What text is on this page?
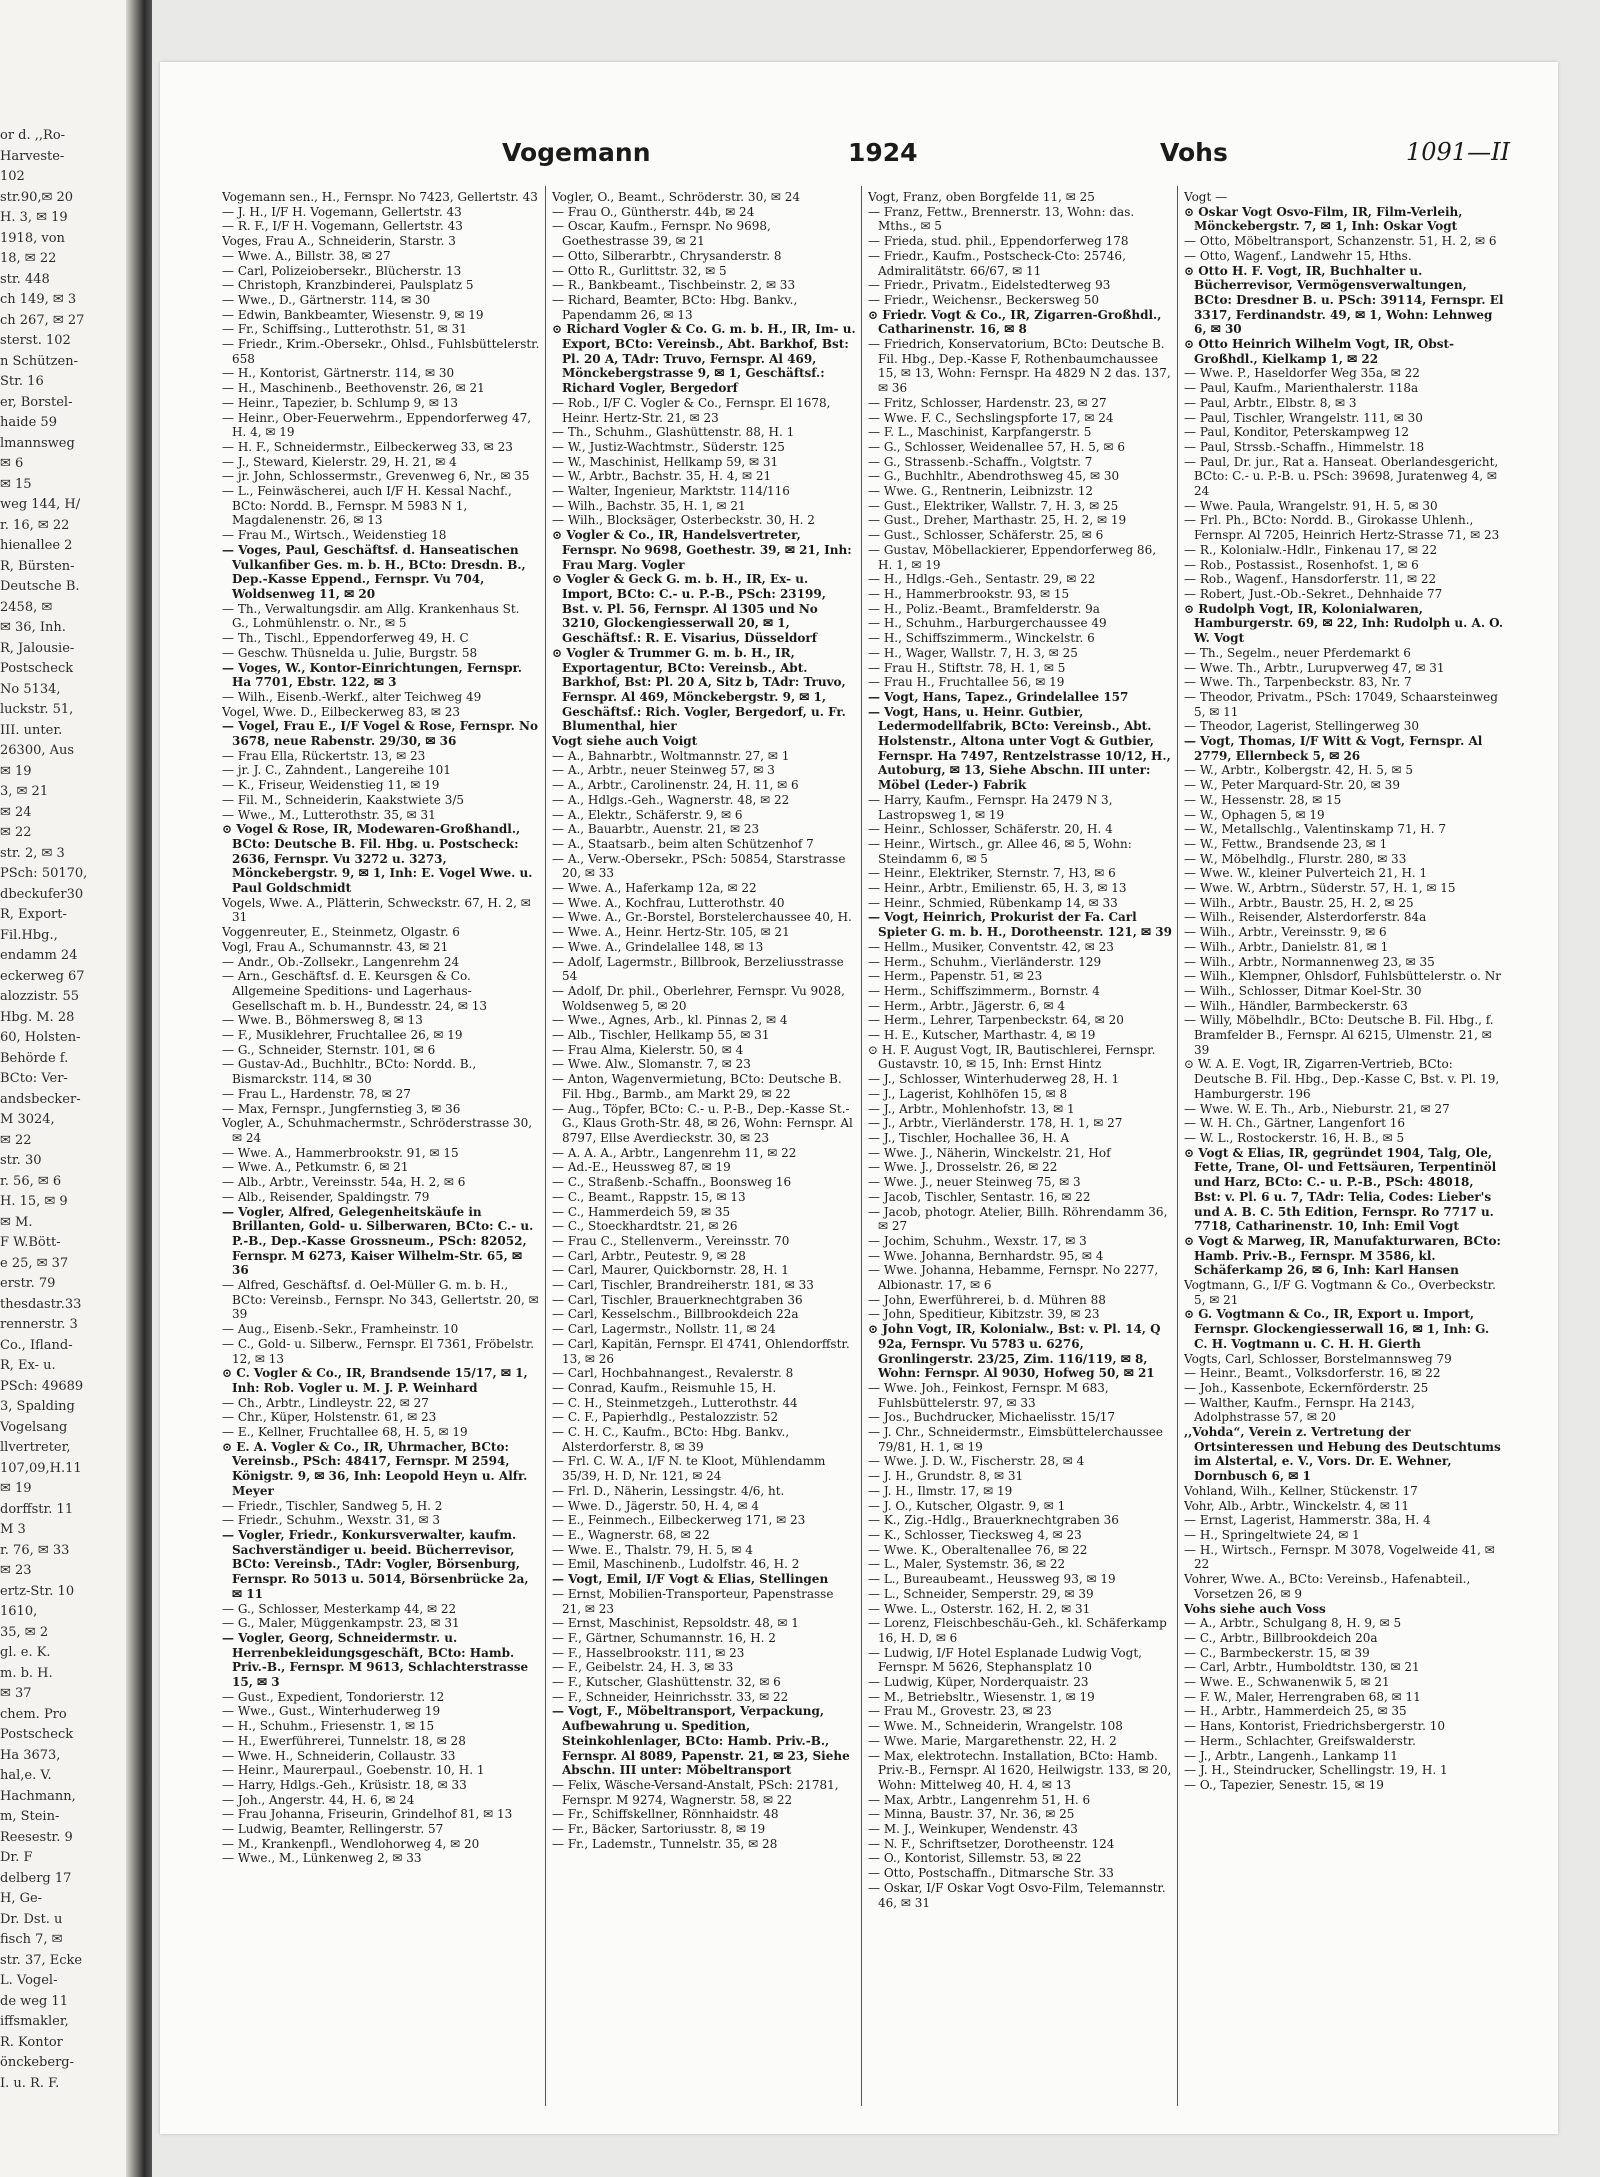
or d. ,,Ro-
Harveste-
102
str.90,✉ 20
H. 3, ✉ 19
1918, von
18, ✉ 22
str. 448
ch 149, ✉ 3
ch 267, ✉ 27
sterst. 102
n Schützen-
Str. 16
er, Borstel-
haide 59
lmannsweg
✉ 6
✉ 15
weg 144, H/
r. 16, ✉ 22
hienallee 2
R, Bürsten-
Deutsche B.
2458, ✉
✉ 36, Inh.
R, Jalousie-
Postscheck
No 5134,
luckstr. 51,
III. unter.
26300, Aus
✉ 19
3, ✉ 21
✉ 24
✉ 22
str. 2, ✉ 3
PSch: 50170,
dbeckufer30
R, Export-
Fil.Hbg.,
endamm 24
eckerweg 67
alozzistr. 55
Hbg. M. 28
60, Holsten-
Behörde f.
BCto: Ver-
andsbecker-
M 3024,
✉ 22
str. 30
r. 56, ✉ 6
H. 15, ✉ 9
✉ M.
F W.Bött-
e 25, ✉ 37
erstr. 79
thesdastr.33
rennerstr. 3
Co., Ifland-
R, Ex- u.
PSch: 49689
3, Spalding
Vogelsang
llvertreter,
107,09,H.11
✉ 19
dorffstr. 11
M 3
r. 76, ✉ 33
✉ 23
ertz-Str. 10
1610,
35, ✉ 2
gl. e. K.
m. b. H.
✉ 37
chem. Pro
Postscheck
Ha 3673,
hal,e. V.
Hachmann,
m, Stein-
Reesestr. 9
Dr. F
delberg 17
H, Ge-
Dr. Dst. u
fisch 7, ✉
str. 37, Ecke
L. Vogel-
de weg 11
iffsmakler,
R. Kontor
önckeberg-
I. u. R. F.
Vogemann	1924	Vohs	1091—II
Vogemann sen., H., Fernspr. No 7423, Gellertstr. 43
— J. H., I/F H. Vogemann, Gellertstr. 43
— R. F., I/F H. Vogemann, Gellertstr. 43
Voges, Frau A., Schneiderin, Starstr. 3
— Wwe. A., Billstr. 38, ✉ 27
— Carl, Polizeiobersekr., Blücherstr. 13
— Christoph, Kranzbinderei, Paulsplatz 5
— Wwe., D., Gärtnerstr. 114, ✉ 30
— Edwin, Bankbeamter, Wiesenstr. 9, ✉ 19
— Fr., Schiffsing., Lutterothstr. 51, ✉ 31
— Friedr., Krim.-Obersekr., Ohlsd., Fuhlsbüttelerstr. 658
— H., Kontorist, Gärtnerstr. 114, ✉ 30
— H., Maschinenb., Beethovenstr. 26, ✉ 21
— Heinr., Tapezier, b. Schlump 9, ✉ 13
— Heinr., Ober-Feuerwehrm., Eppendorferweg 47, H. 4, ✉ 19
— H. F., Schneidermstr., Eilbeckerweg 33, ✉ 23
— J., Steward, Kielerstr. 29, H. 21, ✉ 4
— jr. John, Schlossermstr., Grevenweg 6, Nr., ✉ 35
— L., Feinwäscherei, auch I/F H. Kessal Nachf., BCto: Nordd. B., Fernspr. M 5983 N 1, Magdalenenstr. 26, ✉ 13
— Frau M., Wirtsch., Weidenstieg 18
— Voges, Paul, Geschäftsf. d. Hanseatischen Vulkanfiber Ges. m. b. H., BCto: Dresdn. B., Dep.-Kasse Eppend., Fernspr. Vu 704, Woldsenweg 11, ✉ 20
— Th., Verwaltungsdir. am Allg. Krankenhaus St. G., Lohmühlenstr. o. Nr., ✉ 5
— Th., Tischl., Eppendorferweg 49, H. C
— Geschw. Thüsnelda u. Julie, Burgstr. 58
— Voges, W., Kontor-Einrichtungen, Fernspr. Ha 7701, Ebstr. 122, ✉ 3
— Wilh., Eisenb.-Werkf., alter Teichweg 49
Vogel, Wwe. D., Eilbeckerweg 83, ✉ 23
— Vogel, Frau E., I/F Vogel & Rose, Fernspr. No 3678, neue Rabenstr. 29/30, ✉ 36
— Frau Ella, Rückertstr. 13, ✉ 23
— jr. J. C., Zahndent., Langereihe 101
— K., Friseur, Weidenstieg 11, ✉ 19
— Fil. M., Schneiderin, Kaakstwiete 3/5
— Wwe., M., Lutterothstr. 35, ✉ 31
⊙ Vogel & Rose, IR, Modewaren-Großhandl., BCto: Deutsche B. Fil. Hbg. u. Postscheck: 2636, Fernspr. Vu 3272 u. 3273, Mönckebergstr. 9, ✉ 1, Inh: E. Vogel Wwe. u. Paul Goldschmidt
Vogels, Wwe. A., Plätterin, Schweckstr. 67, H. 2, ✉ 31
Voggenreuter, E., Steinmetz, Olgastr. 6
Vogl, Frau A., Schumannstr. 43, ✉ 21
— Andr., Ob.-Zollsekr., Langenrehm 24
— Arn., Geschäftsf. d. E. Keursgen & Co. Allgemeine Speditions- und Lagerhaus-Gesellschaft m. b. H., Bundesstr. 24, ✉ 13
— Wwe. B., Böhmersweg 8, ✉ 13
— F., Musiklehrer, Fruchtallee 26, ✉ 19
— G., Schneider, Sternstr. 101, ✉ 6
— Gustav-Ad., Buchhltr., BCto: Nordd. B., Bismarckstr. 114, ✉ 30
— Frau L., Hardenstr. 78, ✉ 27
— Max, Fernspr., Jungfernstieg 3, ✉ 36
Vogler, A., Schuhmachermstr., Schröderstrasse 30, ✉ 24
— Wwe. A., Hammerbrookstr. 91, ✉ 15
— Wwe. A., Petkumstr. 6, ✉ 21
— Alb., Arbtr., Vereinsstr. 54a, H. 2, ✉ 6
— Alb., Reisender, Spaldingstr. 79
— Vogler, Alfred, Gelegenheitskäufe in Brillanten, Gold- u. Silberwaren, BCto: C.- u. P.-B., Dep.-Kasse Grossneum., PSch: 82052, Fernspr. M 6273, Kaiser Wilhelm-Str. 65, ✉ 36
— Alfred, Geschäftsf. d. Oel-Müller G. m. b. H., BCto: Vereinsb., Fernspr. No 343, Gellertstr. 20, ✉ 39
— Aug., Eisenb.-Sekr., Framheinstr. 10
— C., Gold- u. Silberw., Fernspr. El 7361, Fröbelstr. 12, ✉ 13
⊙ C. Vogler & Co., IR, Brandsende 15/17, ✉ 1, Inh: Rob. Vogler u. M. J. P. Weinhard
— Ch., Arbtr., Lindleystr. 22, ✉ 27
— Chr., Küper, Holstenstr. 61, ✉ 23
— E., Kellner, Fruchtallee 68, H. 5, ✉ 19
⊙ E. A. Vogler & Co., IR, Uhrmacher, BCto: Vereinsb., PSch: 48417, Fernspr. M 2594, Königstr. 9, ✉ 36, Inh: Leopold Heyn u. Alfr. Meyer
— Friedr., Tischler, Sandweg 5, H. 2
— Friedr., Schuhm., Wexstr. 31, ✉ 3
— Vogler, Friedr., Konkursverwalter, kaufm. Sachverständiger u. beeid. Bücherrevisor, BCto: Vereinsb., TAdr: Vogler, Börsenburg, Fernspr. Ro 5013 u. 5014, Börsenbrücke 2a, ✉ 11
— G., Schlosser, Mesterkamp 44, ✉ 22
— G., Maler, Müggenkampstr. 23, ✉ 31
— Vogler, Georg, Schneidermstr. u. Herrenbekleidungsgeschäft, BCto: Hamb. Priv.-B., Fernspr. M 9613, Schlachterstrasse 15, ✉ 3
— Gust., Expedient, Tondorierstr. 12
— Wwe., Gust., Winterhuderweg 19
— H., Schuhm., Friesenstr. 1, ✉ 15
— H., Ewerführerei, Tunnelstr. 18, ✉ 28
— Wwe. H., Schneiderin, Collaustr. 33
— Heinr., Maurerpaul., Goebenstr. 10, H. 1
— Harry, Hdlgs.-Geh., Krüsistr. 18, ✉ 33
— Joh., Angerstr. 44, H. 6, ✉ 24
— Frau Johanna, Friseurin, Grindelhof 81, ✉ 13
— Ludwig, Beamter, Rellingerstr. 57
— M., Krankenpfl., Wendlohorweg 4, ✉ 20
— Wwe., M., Lünkenweg 2, ✉ 33
Vogler, O., Beamt., Schröderstr. 30, ✉ 24
— Frau O., Güntherstr. 44b, ✉ 24
— Oscar, Kaufm., Fernspr. No 9698, Goethestrasse 39, ✉ 21
— Otto, Silberarbtr., Chrysanderstr. 8
— Otto R., Gurlittstr. 32, ✉ 5
— R., Bankbeamt., Tischbeinstr. 2, ✉ 33
— Richard, Beamter, BCto: Hbg. Bankv., Papendamm 26, ✉ 13
⊙ Richard Vogler & Co. G. m. b. H., IR, Im- u. Export, BCto: Vereinsb., Abt. Barkhof, Bst: Pl. 20 A, TAdr: Truvo, Fernspr. Al 469, Mönckebergstrasse 9, ✉ 1, Geschäftsf.: Richard Vogler, Bergedorf
— Rob., I/F C. Vogler & Co., Fernspr. El 1678, Heinr. Hertz-Str. 21, ✉ 23
— Th., Schuhm., Glashüttenstr. 88, H. 1
— W., Justiz-Wachtmstr., Süderstr. 125
— W., Maschinist, Hellkamp 59, ✉ 31
— W., Arbtr., Bachstr. 35, H. 4, ✉ 21
— Walter, Ingenieur, Marktstr. 114/116
— Wilh., Bachstr. 35, H. 1, ✉ 21
— Wilh., Blocksäger, Osterbeckstr. 30, H. 2
⊙ Vogler & Co., IR, Handelsvertreter, Fernspr. No 9698, Goethestr. 39, ✉ 21, Inh: Frau Marg. Vogler
⊙ Vogler & Geck G. m. b. H., IR, Ex- u. Import, BCto: C.- u. P.-B., PSch: 23199, Bst. v. Pl. 56, Fernspr. Al 1305 und No 3210, Glockengiesserwall 20, ✉ 1, Geschäftsf.: R. E. Visarius, Düsseldorf
⊙ Vogler & Trummer G. m. b. H., IR, Exportagentur, BCto: Vereinsb., Abt. Barkhof, Bst: Pl. 20 A, Sitz b, TAdr: Truvo, Fernspr. Al 469, Mönckebergstr. 9, ✉ 1, Geschäftsf.: Rich. Vogler, Bergedorf, u. Fr. Blumenthal, hier
Vogt siehe auch Voigt
— A., Bahnarbtr., Woltmannstr. 27, ✉ 1
— A., Arbtr., neuer Steinweg 57, ✉ 3
— A., Arbtr., Carolinenstr. 24, H. 11, ✉ 6
— A., Hdlgs.-Geh., Wagnerstr. 48, ✉ 22
— A., Elektr., Schäferstr. 9, ✉ 6
— A., Bauarbtr., Auenstr. 21, ✉ 23
— A., Staatsarb., beim alten Schützenhof 7
— A., Verw.-Obersekr., PSch: 50854, Starstrasse 20, ✉ 33
— Wwe. A., Haferkamp 12a, ✉ 22
— Wwe. A., Kochfrau, Lutterothstr. 40
— Wwe. A., Gr.-Borstel, Borstelerchaussee 40, H.
— Wwe. A., Heinr. Hertz-Str. 105, ✉ 21
— Wwe. A., Grindelallee 148, ✉ 13
— Adolf, Lagermstr., Billbrook, Berzeliusstrasse 54
— Adolf, Dr. phil., Oberlehrer, Fernspr. Vu 9028, Woldsenweg 5, ✉ 20
— Wwe., Agnes, Arb., kl. Pinnas 2, ✉ 4
— Alb., Tischler, Hellkamp 55, ✉ 31
— Frau Alma, Kielerstr. 50, ✉ 4
— Wwe. Alw., Slomanstr. 7, ✉ 23
— Anton, Wagenvermietung, BCto: Deutsche B. Fil. Hbg., Barmb., am Markt 29, ✉ 22
— Aug., Töpfer, BCto: C.- u. P.-B., Dep.-Kasse St.-G., Klaus Groth-Str. 48, ✉ 26, Wohn: Fernspr. Al 8797, Ellse Averdieckstr. 30, ✉ 23
— A. A. A., Arbtr., Langenrehm 11, ✉ 22
— Ad.-E., Heussweg 87, ✉ 19
— C., Straßenb.-Schaffn., Boonsweg 16
— C., Beamt., Rappstr. 15, ✉ 13
— C., Hammerdeich 59, ✉ 35
— C., Stoeckhardtstr. 21, ✉ 26
— Frau C., Stellenverm., Vereinsstr. 70
— Carl, Arbtr., Peutestr. 9, ✉ 28
— Carl, Maurer, Quickbornstr. 28, H. 1
— Carl, Tischler, Brandreiherstr. 181, ✉ 33
— Carl, Tischler, Brauerknechtgraben 36
— Carl, Kesselschm., Billbrookdeich 22a
— Carl, Lagermstr., Nollstr. 11, ✉ 24
— Carl, Kapitän, Fernspr. El 4741, Ohlendorffstr. 13, ✉ 26
— Carl, Hochbahnangest., Revalerstr. 8
— Conrad, Kaufm., Reismuhle 15, H.
— C. H., Steinmetzgeh., Lutterothstr. 44
— C. F., Papierhdlg., Pestalozzistr. 52
— C. H. C., Kaufm., BCto: Hbg. Bankv., Alsterdorferstr. 8, ✉ 39
— Frl. C. W. A., I/F N. te Kloot, Mühlendamm 35/39, H. D, Nr. 121, ✉ 24
— Frl. D., Näherin, Lessingstr. 4/6, ht.
— Wwe. D., Jägerstr. 50, H. 4, ✉ 4
— E., Feinmech., Eilbeckerweg 171, ✉ 23
— E., Wagnerstr. 68, ✉ 22
— Wwe. E., Thalstr. 79, H. 5, ✉ 4
— Emil, Maschinenb., Ludolfstr. 46, H. 2
— Vogt, Emil, I/F Vogt & Elias, Stellingen
— Ernst, Mobilien-Transporteur, Papenstrasse 21, ✉ 23
— Ernst, Maschinist, Repsoldstr. 48, ✉ 1
— F., Gärtner, Schumannstr. 16, H. 2
— F., Hasselbrookstr. 111, ✉ 23
— F., Geibelstr. 24, H. 3, ✉ 33
— F., Kutscher, Glashüttenstr. 32, ✉ 6
— F., Schneider, Heinrichsstr. 33, ✉ 22
— Vogt, F., Möbeltransport, Verpackung, Aufbewahrung u. Spedition, Steinkohlenlager, BCto: Hamb. Priv.-B., Fernspr. Al 8089, Papenstr. 21, ✉ 23, Siehe Abschn. III unter: Möbeltransport
— Felix, Wäsche-Versand-Anstalt, PSch: 21781, Fernspr. M 9274, Wagnerstr. 58, ✉ 22
— Fr., Schiffskellner, Rönnhaidstr. 48
— Fr., Bäcker, Sartoriusstr. 8, ✉ 19
— Fr., Lademstr., Tunnelstr. 35, ✉ 28
Vogt, Franz, oben Borgfelde 11, ✉ 25
— Franz, Fettw., Brennerstr. 13, Wohn: das. Mths., ✉ 5
— Frieda, stud. phil., Eppendorferweg 178
— Friedr., Kaufm., Postscheck-Cto: 25746, Admiralitätstr. 66/67, ✉ 11
— Friedr., Privatm., Eidelstedterweg 93
— Friedr., Weichensr., Beckersweg 50
⊙ Friedr. Vogt & Co., IR, Zigarren-Großhdl., Catharinenstr. 16, ✉ 8
— Friedrich, Konservatorium, BCto: Deutsche B. Fil. Hbg., Dep.-Kasse F, Rothenbaumchaussee 15, ✉ 13, Wohn: Fernspr. Ha 4829 N 2 das. 137, ✉ 36
— Fritz, Schlosser, Hardenstr. 23, ✉ 27
— Wwe. F. C., Sechslingspforte 17, ✉ 24
— F. L., Maschinist, Karpfangerstr. 5
— G., Schlosser, Weidenallee 57, H. 5, ✉ 6
— G., Strassenb.-Schaffn., Volgtstr. 7
— G., Buchhltr., Abendrothsweg 45, ✉ 30
— Wwe. G., Rentnerin, Leibnizstr. 12
— Gust., Elektriker, Wallstr. 7, H. 3, ✉ 25
— Gust., Dreher, Marthastr. 25, H. 2, ✉ 19
— Gust., Schlosser, Schäferstr. 25, ✉ 6
— Gustav, Möbellackierer, Eppendorferweg 86, H. 1, ✉ 19
— H., Hdlgs.-Geh., Sentastr. 29, ✉ 22
— H., Hammerbrookstr. 93, ✉ 15
— H., Poliz.-Beamt., Bramfelderstr. 9a
— H., Schuhm., Harburgerchaussee 49
— H., Schiffszimmerm., Winckelstr. 6
— H., Wager, Wallstr. 7, H. 3, ✉ 25
— Frau H., Stiftstr. 78, H. 1, ✉ 5
— Frau H., Fruchtallee 56, ✉ 19
— Vogt, Hans, Tapez., Grindelallee 157
— Vogt, Hans, u. Heinr. Gutbier, Ledermodellfabrik, BCto: Vereinsb., Abt. Holstenstr., Altona unter Vogt & Gutbier, Fernspr. Ha 7497, Rentzelstrasse 10/12, H., Autoburg, ✉ 13, Siehe Abschn. III unter: Möbel (Leder-) Fabrik
— Harry, Kaufm., Fernspr. Ha 2479 N 3, Lastropsweg 1, ✉ 19
— Heinr., Schlosser, Schäferstr. 20, H. 4
— Heinr., Wirtsch., gr. Allee 46, ✉ 5, Wohn: Steindamm 6, ✉ 5
— Heinr., Elektriker, Sternstr. 7, H3, ✉ 6
— Heinr., Arbtr., Emilienstr. 65, H. 3, ✉ 13
— Heinr., Schmied, Rübenkamp 14, ✉ 33
— Vogt, Heinrich, Prokurist der Fa. Carl Spieter G. m. b. H., Dorotheenstr. 121, ✉ 39
— Hellm., Musiker, Conventstr. 42, ✉ 23
— Herm., Schuhm., Vierländerstr. 129
— Herm., Papenstr. 51, ✉ 23
— Herm., Schiffszimmerm., Bornstr. 4
— Herm., Arbtr., Jägerstr. 6, ✉ 4
— Herm., Lehrer, Tarpenbeckstr. 64, ✉ 20
— H. E., Kutscher, Marthastr. 4, ✉ 19
⊙ H. F. August Vogt, IR, Bautischlerei, Fernspr. Gustavstr. 10, ✉ 15, Inh: Ernst Hintz
— J., Schlosser, Winterhuderweg 28, H. 1
— J., Lagerist, Kohlhöfen 15, ✉ 8
— J., Arbtr., Mohlenhofstr. 13, ✉ 1
— J., Arbtr., Vierländerstr. 178, H. 1, ✉ 27
— J., Tischler, Hochallee 36, H. A
— Wwe. J., Näherin, Winckelstr. 21, Hof
— Wwe. J., Drosselstr. 26, ✉ 22
— Wwe. J., neuer Steinweg 75, ✉ 3
— Jacob, Tischler, Sentastr. 16, ✉ 22
— Jacob, photogr. Atelier, Billh. Röhrendamm 36, ✉ 27
— Jochim, Schuhm., Wexstr. 17, ✉ 3
— Wwe. Johanna, Bernhardstr. 95, ✉ 4
— Wwe. Johanna, Hebamme, Fernspr. No 2277, Albionastr. 17, ✉ 6
— John, Ewerführerei, b. d. Mühren 88
— John, Speditieur, Kibitzstr. 39, ✉ 23
⊙ John Vogt, IR, Kolonialw., Bst: v. Pl. 14, Q 92a, Fernspr. Vu 5783 u. 6276, Gronlingerstr. 23/25, Zim. 116/119, ✉ 8, Wohn: Fernspr. Al 9030, Hofweg 50, ✉ 21
— Wwe. Joh., Feinkost, Fernspr. M 683, Fuhlsbüttelerstr. 97, ✉ 33
— Jos., Buchdrucker, Michaelisstr. 15/17
— J. Chr., Schneidermstr., Eimsbüttelerchaussee 79/81, H. 1, ✉ 19
— Wwe. J. D. W., Fischerstr. 28, ✉ 4
— J. H., Grundstr. 8, ✉ 31
— J. H., Ilmstr. 17, ✉ 19
— J. O., Kutscher, Olgastr. 9, ✉ 1
— K., Zig.-Hdlg., Brauerknechtgraben 36
— K., Schlosser, Tiecksweg 4, ✉ 23
— Wwe. K., Oberaltenallee 76, ✉ 22
— L., Maler, Systemstr. 36, ✉ 22
— L., Bureaubeamt., Heussweg 93, ✉ 19
— L., Schneider, Semperstr. 29, ✉ 39
— Wwe. L., Osterstr. 162, H. 2, ✉ 31
— Lorenz, Fleischbeschäu-Geh., kl. Schäferkamp 16, H. D, ✉ 6
— Ludwig, I/F Hotel Esplanade Ludwig Vogt, Fernspr. M 5626, Stephansplatz 10
— Ludwig, Küper, Norderquaistr. 23
— M., Betriebsltr., Wiesenstr. 1, ✉ 19
— Frau M., Grovestr. 23, ✉ 23
— Wwe. M., Schneiderin, Wrangelstr. 108
— Wwe. Marie, Margarethenstr. 22, H. 2
— Max, elektrotechn. Installation, BCto: Hamb. Priv.-B., Fernspr. Al 1620, Heilwigstr. 133, ✉ 20, Wohn: Mittelweg 40, H. 4, ✉ 13
— Max, Arbtr., Langenrehm 51, H. 6
— Minna, Baustr. 37, Nr. 36, ✉ 25
— M. J., Weinkuper, Wendenstr. 43
— N. F., Schriftsetzer, Dorotheenstr. 124
— O., Kontorist, Sillemstr. 53, ✉ 22
— Otto, Postschaffn., Ditmarsche Str. 33
— Oskar, I/F Oskar Vogt Osvo-Film, Telemannstr. 46, ✉ 31
Vogt —
⊙ Oskar Vogt Osvo-Film, IR, Film-Verleih, Mönckebergstr. 7, ✉ 1, Inh: Oskar Vogt
— Otto, Möbeltransport, Schanzenstr. 51, H. 2, ✉ 6
— Otto, Wagenf., Landwehr 15, Hths.
⊙ Otto H. F. Vogt, IR, Buchhalter u. Bücherrevisor, Vermögensverwaltungen, BCto: Dresdner B. u. PSch: 39114, Fernspr. El 3317, Ferdinandstr. 49, ✉ 1, Wohn: Lehnweg 6, ✉ 30
⊙ Otto Heinrich Wilhelm Vogt, IR, Obst-Großhdl., Kielkamp 1, ✉ 22
— Wwe. P., Haseldorfer Weg 35a, ✉ 22
— Paul, Kaufm., Marienthalerstr. 118a
— Paul, Arbtr., Elbstr. 8, ✉ 3
— Paul, Tischler, Wrangelstr. 111, ✉ 30
— Paul, Konditor, Peterskampweg 12
— Paul, Strssb.-Schaffn., Himmelstr. 18
— Paul, Dr. jur., Rat a. Hanseat. Oberlandesgericht, BCto: C.- u. P.-B. u. PSch: 39698, Juratenweg 4, ✉ 24
— Wwe. Paula, Wrangelstr. 91, H. 5, ✉ 30
— Frl. Ph., BCto: Nordd. B., Girokasse Uhlenh., Fernspr. Al 7205, Heinrich Hertz-Strasse 71, ✉ 23
— R., Kolonialw.-Hdlr., Finkenau 17, ✉ 22
— Rob., Postassist., Rosenhofst. 1, ✉ 6
— Rob., Wagenf., Hansdorferstr. 11, ✉ 22
— Robert, Just.-Ob.-Sekret., Dehnhaide 77
⊙ Rudolph Vogt, IR, Kolonialwaren, Hamburgerstr. 69, ✉ 22, Inh: Rudolph u. A. O. W. Vogt
— Th., Segelm., neuer Pferdemarkt 6
— Wwe. Th., Arbtr., Lurupverweg 47, ✉ 31
— Wwe. Th., Tarpenbeckstr. 83, Nr. 7
— Theodor, Privatm., PSch: 17049, Schaarsteinweg 5, ✉ 11
— Theodor, Lagerist, Stellingerweg 30
— Vogt, Thomas, I/F Witt & Vogt, Fernspr. Al 2779, Ellernbeck 5, ✉ 26
— W., Arbtr., Kolbergstr. 42, H. 5, ✉ 5
— W., Peter Marquard-Str. 20, ✉ 39
— W., Hessenstr. 28, ✉ 15
— W., Ophagen 5, ✉ 19
— W., Metallschlg., Valentinskamp 71, H. 7
— W., Fettw., Brandsende 23, ✉ 1
— W., Möbelhdlg., Flurstr. 280, ✉ 33
— Wwe. W., kleiner Pulverteich 21, H. 1
— Wwe. W., Arbtrn., Süderstr. 57, H. 1, ✉ 15
— Wilh., Arbtr., Baustr. 25, H. 2, ✉ 25
— Wilh., Reisender, Alsterdorferstr. 84a
— Wilh., Arbtr., Vereinsstr. 9, ✉ 6
— Wilh., Arbtr., Danielstr. 81, ✉ 1
— Wilh., Arbtr., Normannenweg 23, ✉ 35
— Wilh., Klempner, Ohlsdorf, Fuhlsbüttelerstr. o. Nr
— Wilh., Schlosser, Ditmar Koel-Str. 30
— Wilh., Händler, Barmbeckerstr. 63
— Willy, Möbelhdlr., BCto: Deutsche B. Fil. Hbg., f. Bramfelder B., Fernspr. Al 6215, Ulmenstr. 21, ✉ 39
⊙ W. A. E. Vogt, IR, Zigarren-Vertrieb, BCto: Deutsche B. Fil. Hbg., Dep.-Kasse C, Bst. v. Pl. 19, Hamburgerstr. 196
— Wwe. W. E. Th., Arb., Nieburstr. 21, ✉ 27
— W. H. Ch., Gärtner, Langenfort 16
— W. L., Rostockerstr. 16, H. B., ✉ 5
⊙ Vogt & Elias, IR, gegründet 1904, Talg, Ole, Fette, Trane, Ol- und Fettsäuren, Terpentinöl und Harz, BCto: C.- u. P.-B., PSch: 48018, Bst: v. Pl. 6 u. 7, TAdr: Telia, Codes: Lieber's und A. B. C. 5th Edition, Fernspr. Ro 7717 u. 7718, Catharinenstr. 10, Inh: Emil Vogt
⊙ Vogt & Marweg, IR, Manufakturwaren, BCto: Hamb. Priv.-B., Fernspr. M 3586, kl. Schäferkamp 26, ✉ 6, Inh: Karl Hansen
Vogtmann, G., I/F G. Vogtmann & Co., Overbeckstr. 5, ✉ 21
⊙ G. Vogtmann & Co., IR, Export u. Import, Fernspr. Glockengiesserwall 16, ✉ 1, Inh: G. C. H. Vogtmann u. C. H. H. Gierth
Vogts, Carl, Schlosser, Borstelmannsweg 79
— Heinr., Beamt., Volksdorferstr. 16, ✉ 22
— Joh., Kassenbote, Eckernförderstr. 25
— Walther, Kaufm., Fernspr. Ha 2143, Adolphstrasse 57, ✉ 20
,,Vohda“, Verein z. Vertretung der Ortsinteressen und Hebung des Deutschtums im Alstertal, e. V., Vors. Dr. E. Wehner, Dornbusch 6, ✉ 1
Vohland, Wilh., Kellner, Stückenstr. 17
Vohr, Alb., Arbtr., Winckelstr. 4, ✉ 11
— Ernst, Lagerist, Hammerstr. 38a, H. 4
— H., Springeltwiete 24, ✉ 1
— H., Wirtsch., Fernspr. M 3078, Vogelweide 41, ✉ 22
Vohrer, Wwe. A., BCto: Vereinsb., Hafenabteil., Vorsetzen 26, ✉ 9
Vohs siehe auch Voss
— A., Arbtr., Schulgang 8, H. 9, ✉ 5
— C., Arbtr., Billbrookdeich 20a
— C., Barmbeckerstr. 15, ✉ 39
— Carl, Arbtr., Humboldtstr. 130, ✉ 21
— Wwe. E., Schwanenwik 5, ✉ 21
— F. W., Maler, Herrengraben 68, ✉ 11
— H., Arbtr., Hammerdeich 25, ✉ 35
— Hans, Kontorist, Friedrichsbergerstr. 10
— Herm., Schlachter, Greifswalderstr.
— J., Arbtr., Langenh., Lankamp 11
— J. H., Steindrucker, Schellingstr. 19, H. 1
— O., Tapezier, Senestr. 15, ✉ 19
